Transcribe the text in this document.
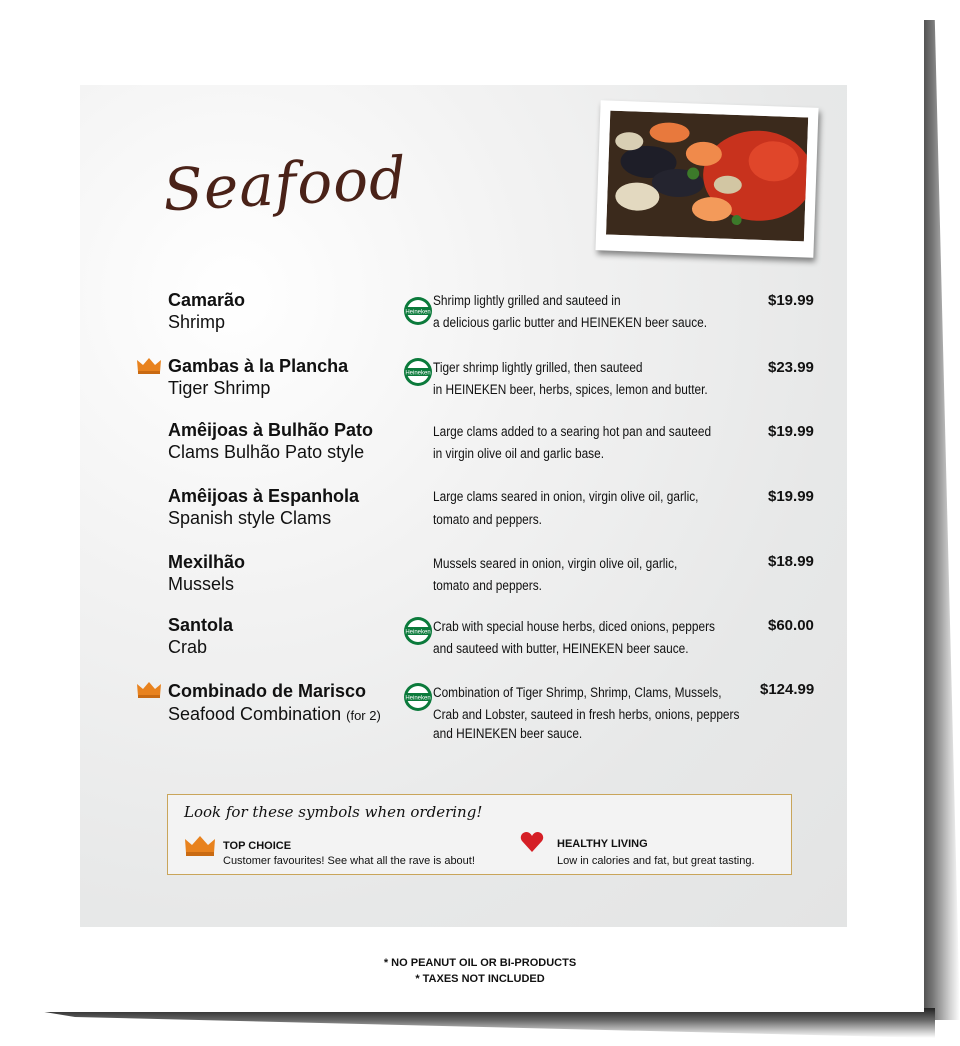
Seafood
Camarão
Shrimp	Heineken
Shrimp lightly grilled and sauteed in
a delicious garlic butter and HEINEKEN beer sauce.
$19.99
Gambas à la Plancha
Tiger Shrimp
Heineken Tiger shrimp lightly grilled, then sauteed
in HEINEKEN beer, herbs, spices, lemon and butter.
$23.99
Amêijoas à Bulhão Pato
Clams Bulhão Pato style
Large clams added to a searing hot pan and sauteed
in virgin olive oil and garlic base.
$19.99
Amêijoas à Espanhola
Spanish style Clams
Large clams seared in onion, virgin olive oil, garlic,
tomato and peppers.
$19.99
Mexilhão
Mussels
Mussels seared in onion, virgin olive oil, garlic,
tomato and peppers.
$18.99
Santola
Crab
Heineken Crab with special house herbs, diced onions, peppers
and sauteed with butter, HEINEKEN beer sauce.
$60.00
Combinado de Marisco
Seafood Combination (for 2)
Heineken Combination of Tiger Shrimp, Shrimp, Clams, Mussels,
Crab and Lobster, sauteed in fresh herbs, onions, peppers
and HEINEKEN beer sauce.
$124.99
Look for these symbols when ordering!
TOP CHOICE
Customer favourites! See what all the rave is about!
HEALTHY LIVING
Low in calories and fat, but great tasting.
* NO PEANUT OIL OR BI-PRODUCTS
* TAXES NOT INCLUDED
